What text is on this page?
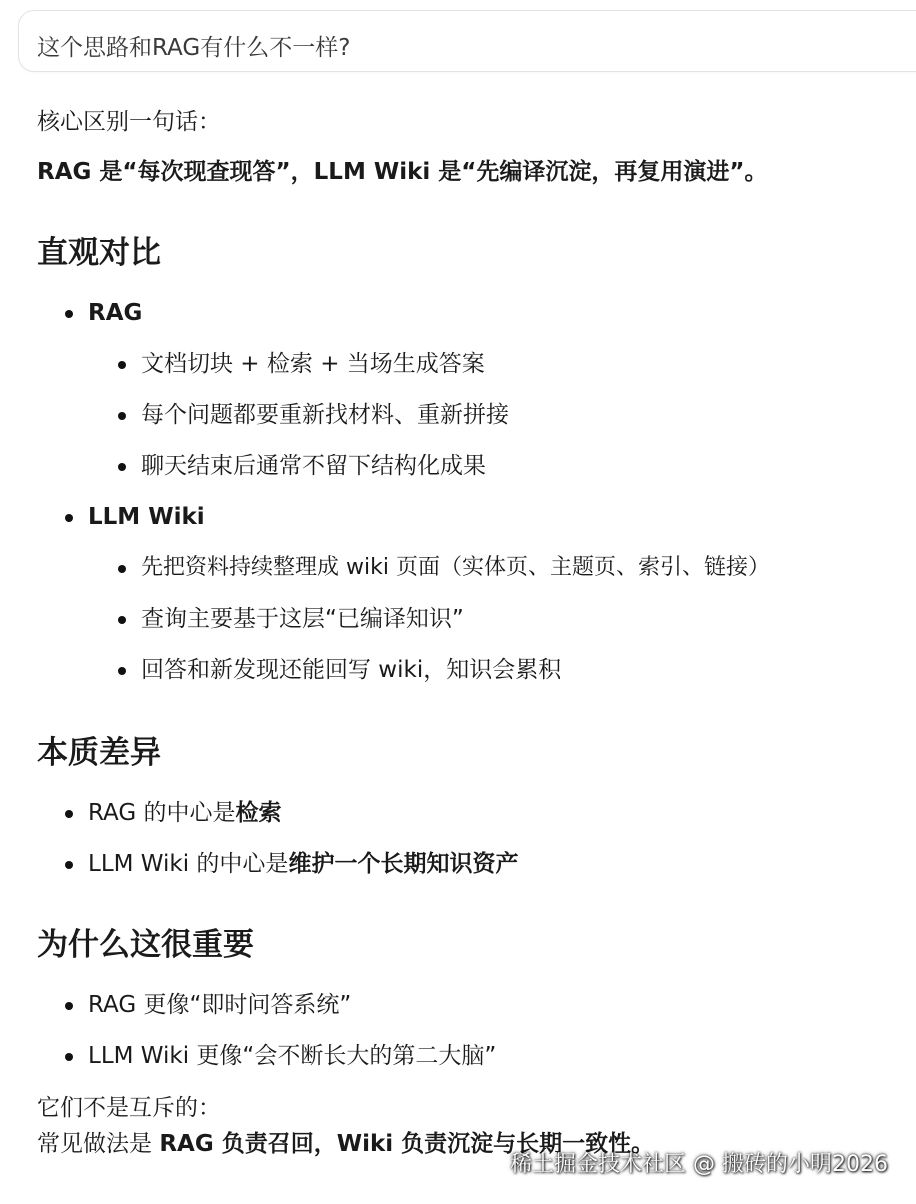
这个思路和RAG有什么不一样?
核心区别一句话：
RAG 是“每次现查现答”，LLM Wiki 是“先编译沉淀，再复用演进”。
直观对比
RAG
文档切块 + 检索 + 当场生成答案
每个问题都要重新找材料、重新拼接
聊天结束后通常不留下结构化成果
LLM Wiki
先把资料持续整理成 wiki 页面（实体页、主题页、索引、链接）
查询主要基于这层“已编译知识”
回答和新发现还能回写 wiki，知识会累积
本质差异
RAG 的中心是检索
LLM Wiki 的中心是维护一个长期知识资产
为什么这很重要
RAG 更像“即时问答系统”
LLM Wiki 更像“会不断长大的第二大脑”
它们不是互斥的：
常见做法是 RAG 负责召回，Wiki 负责沉淀与长期一致性。
稀土掘金技术社区 @ 搬砖的小明2026
